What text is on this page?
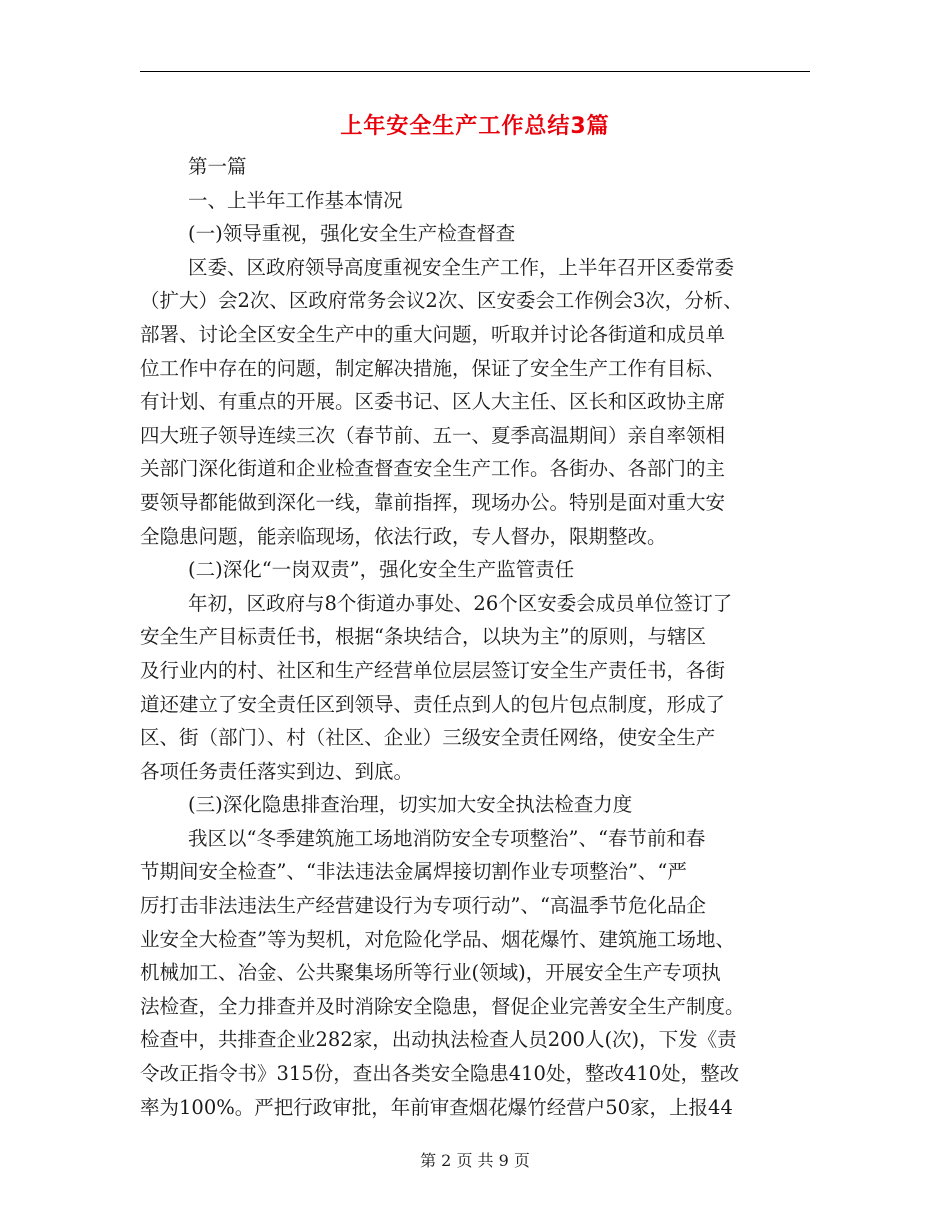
上年安全生产工作总结3篇
第一篇
一、上半年工作基本情况
(一)领导重视，强化安全生产检查督查
区委、区政府领导高度重视安全生产工作，上半年召开区委常委
（扩大）会2次、区政府常务会议2次、区安委会工作例会3次，分析、
部署、讨论全区安全生产中的重大问题，听取并讨论各街道和成员单
位工作中存在的问题，制定解决措施，保证了安全生产工作有目标、
有计划、有重点的开展。区委书记、区人大主任、区长和区政协主席
四大班子领导连续三次（春节前、五一、夏季高温期间）亲自率领相
关部门深化街道和企业检查督查安全生产工作。各街办、各部门的主
要领导都能做到深化一线，靠前指挥，现场办公。特别是面对重大安
全隐患问题，能亲临现场，依法行政，专人督办，限期整改。
(二)深化“一岗双责”，强化安全生产监管责任
年初，区政府与8个街道办事处、26个区安委会成员单位签订了
安全生产目标责任书，根据“条块结合，以块为主”的原则，与辖区
及行业内的村、社区和生产经营单位层层签订安全生产责任书，各街
道还建立了安全责任区到领导、责任点到人的包片包点制度，形成了
区、街（部门）、村（社区、企业）三级安全责任网络，使安全生产
各项任务责任落实到边、到底。
(三)深化隐患排查治理，切实加大安全执法检查力度
我区以“冬季建筑施工场地消防安全专项整治”、“春节前和春
节期间安全检查”、“非法违法金属焊接切割作业专项整治”、“严
厉打击非法违法生产经营建设行为专项行动”、“高温季节危化品企
业安全大检查”等为契机，对危险化学品、烟花爆竹、建筑施工场地、
机械加工、冶金、公共聚集场所等行业(领域)，开展安全生产专项执
法检查，全力排查并及时消除安全隐患，督促企业完善安全生产制度。
检查中，共排查企业282家，出动执法检查人员200人(次)，下发《责
令改正指令书》315份，查出各类安全隐患410处，整改410处，整改
率为100%。严把行政审批，年前审查烟花爆竹经营户50家，上报44
第 2 页 共 9 页
